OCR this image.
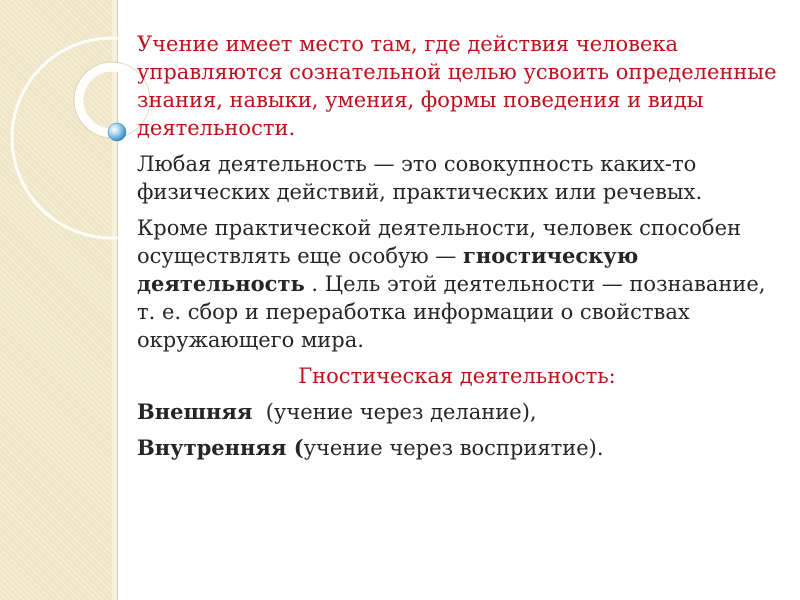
Учение имеет место там, где действия человека управляются сознательной целью усвоить определенные знания, навыки, умения, формы поведения и виды деятельности.

Любая деятельность — это совокупность каких-то физических действий, практических или речевых.

Кроме практической деятельности, человек способен осуществлять еще особую — гностическую деятельность . Цель этой деятельности — познавание, т. е. сбор и переработка информации о свойствах окружающего мира.

Гностическая деятельность:

Внешняя  (учение через делание),

Внутренняя (учение через восприятие).
